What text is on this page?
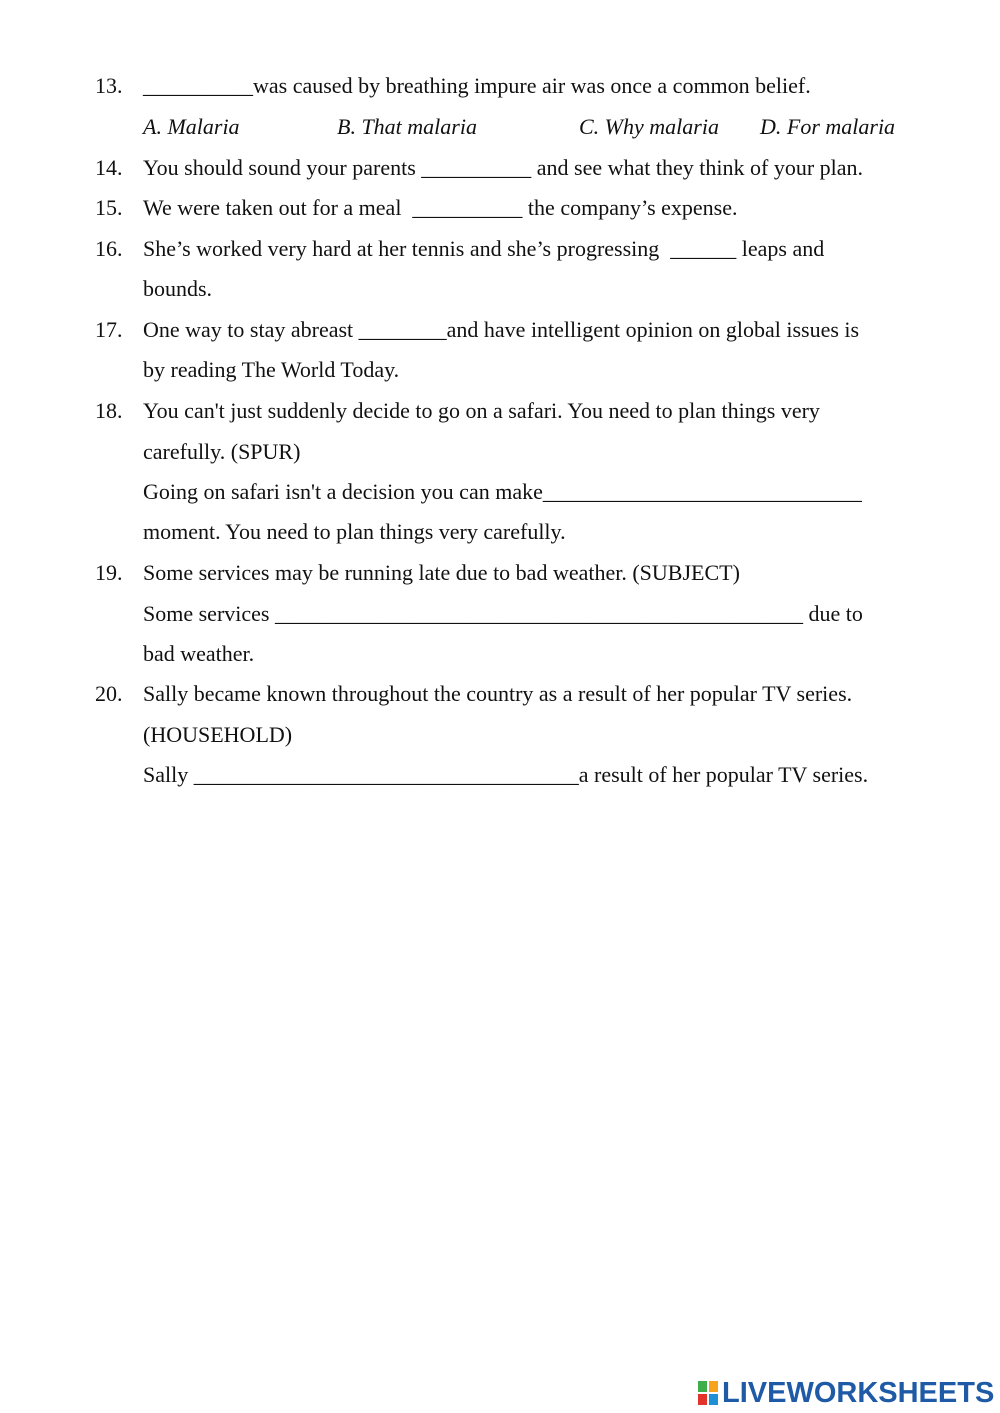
13. __________was caused by breathing impure air was once a common belief.
A. Malaria	B. That malaria	C. Why malaria D. For malaria
14. You should sound your parents __________ and see what they think of your plan.
15. We were taken out for a meal  __________ the company’s expense.
16. She’s worked very hard at her tennis and she’s progressing  ______ leaps and
bounds.
17. One way to stay abreast ________and have intelligent opinion on global issues is
by reading The World Today.
18. You can't just suddenly decide to go on a safari. You need to plan things very
carefully. (SPUR)
Going on safari isn't a decision you can make_____________________________
moment. You need to plan things very carefully.
19. Some services may be running late due to bad weather. (SUBJECT)
Some services ________________________________________________ due to
bad weather.
20. Sally became known throughout the country as a result of her popular TV series.
(HOUSEHOLD)
Sally ___________________________________a result of her popular TV series.
LIVEWORKSHEETS
